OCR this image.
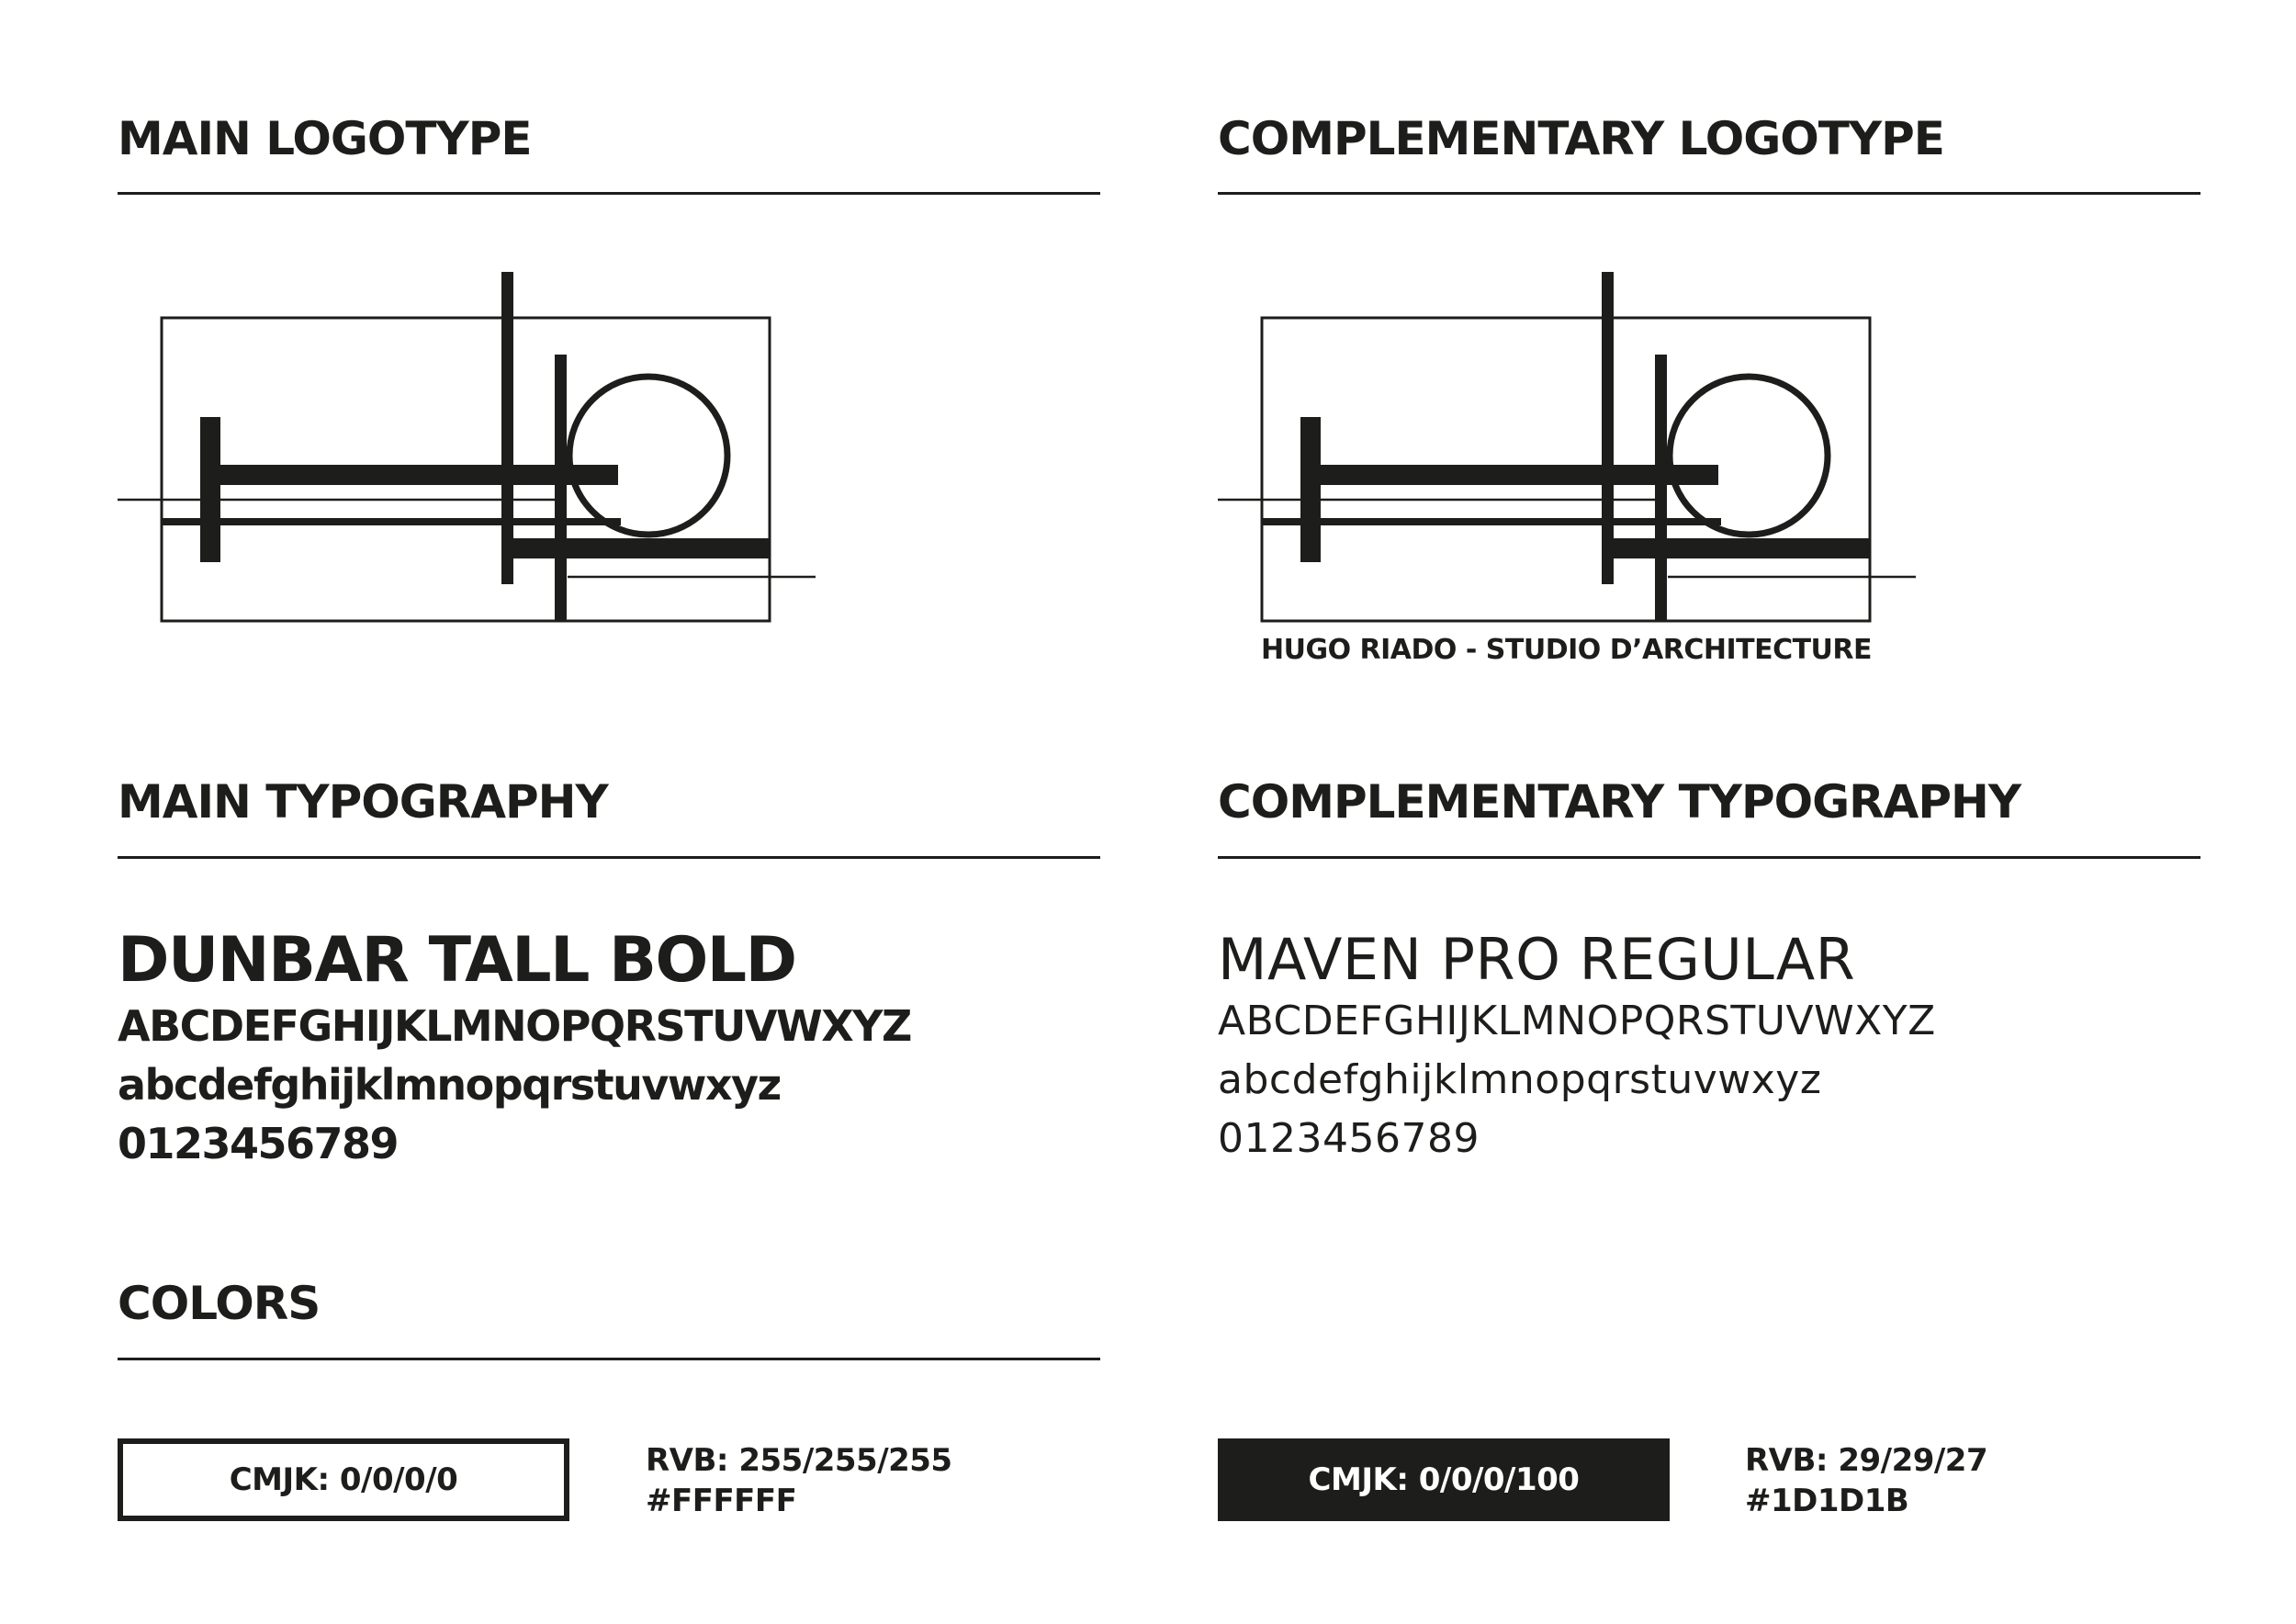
MAIN LOGOTYPE	COMPLEMENTARY LOGOTYPE
HUGO RIADO - STUDIO D’ARCHITECTURE
MAIN TYPOGRAPHY
DUNBAR TALL BOLD
ABCDEFGHIJKLMNOPQRSTUVWXYZ
abcdefghijklmnopqrstuvwxyz
0123456789
COMPLEMENTARY TYPOGRAPHY
MAVEN PRO REGULAR
ABCDEFGHIJKLMNOPQRSTUVWXYZ
abcdefghijklmnopqrstuvwxyz
0123456789
COLORS
CMJK: 0/0/0/0
RVB: 255/255/255
#FFFFFF
CMJK: 0/0/0/100
RVB: 29/29/27
#1D1D1B
